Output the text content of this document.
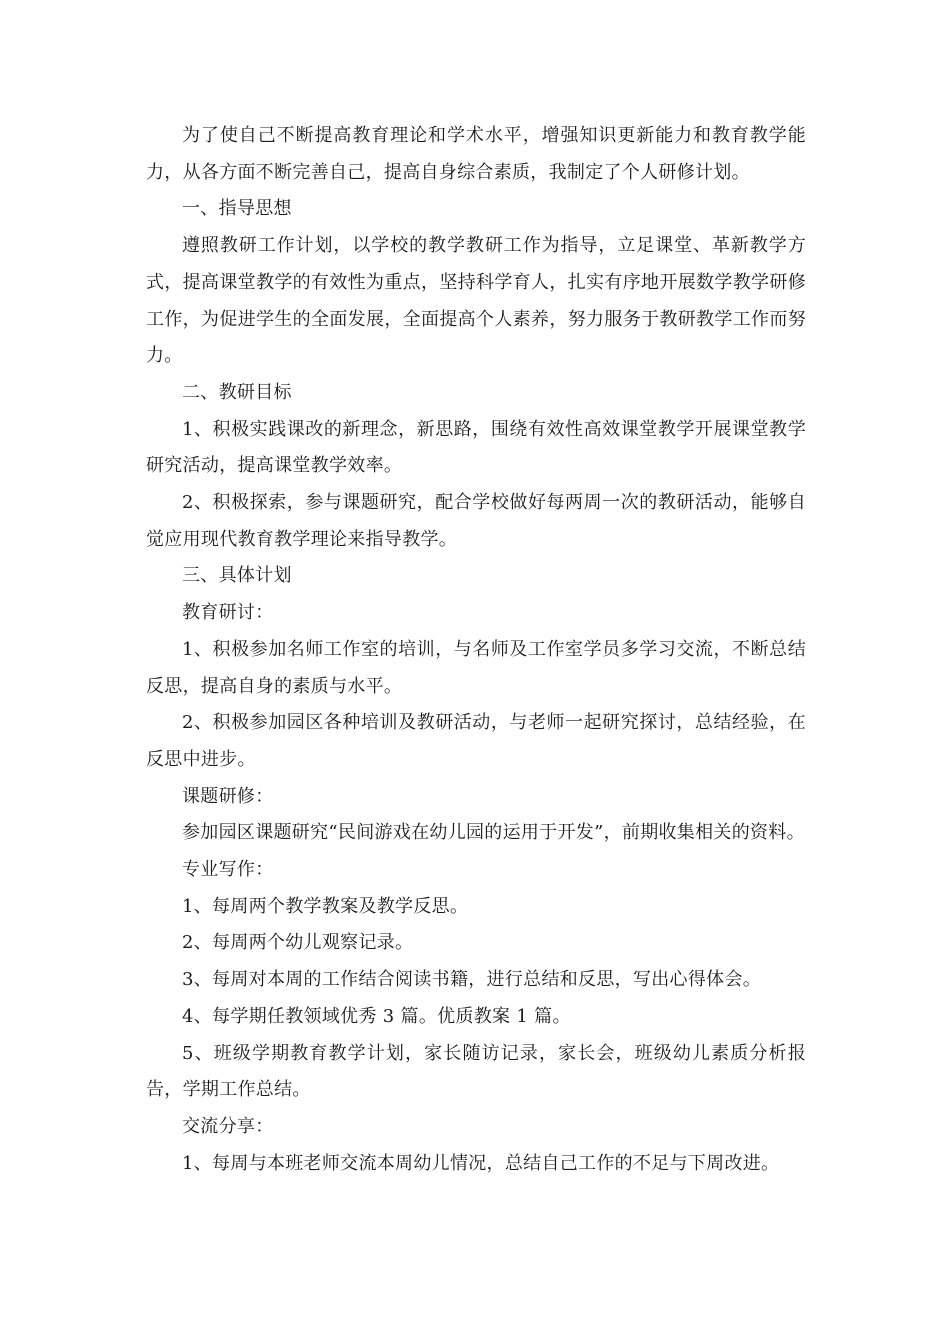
为了使自己不断提高教育理论和学术水平，增强知识更新能力和教育教学能力，从各方面不断完善自己，提高自身综合素质，我制定了个人研修计划。

一、指导思想

遵照教研工作计划，以学校的教学教研工作为指导，立足课堂、革新教学方式，提高课堂教学的有效性为重点，坚持科学育人，扎实有序地开展数学教学研修工作，为促进学生的全面发展，全面提高个人素养，努力服务于教研教学工作而努力。

二、教研目标

1、积极实践课改的新理念，新思路，围绕有效性高效课堂教学开展课堂教学研究活动，提高课堂教学效率。

2、积极探索，参与课题研究，配合学校做好每两周一次的教研活动，能够自觉应用现代教育教学理论来指导教学。

三、具体计划

教育研讨：

1、积极参加名师工作室的培训，与名师及工作室学员多学习交流，不断总结反思，提高自身的素质与水平。

2、积极参加园区各种培训及教研活动，与老师一起研究探讨，总结经验，在反思中进步。

课题研修：

参加园区课题研究“民间游戏在幼儿园的运用于开发”，前期收集相关的资料。

专业写作：

1、每周两个教学教案及教学反思。

2、每周两个幼儿观察记录。

3、每周对本周的工作结合阅读书籍，进行总结和反思，写出心得体会。

4、每学期任教领域优秀 3 篇。优质教案 1 篇。

5、班级学期教育教学计划，家长随访记录，家长会，班级幼儿素质分析报告，学期工作总结。

交流分享：

1、每周与本班老师交流本周幼儿情况，总结自己工作的不足与下周改进。
